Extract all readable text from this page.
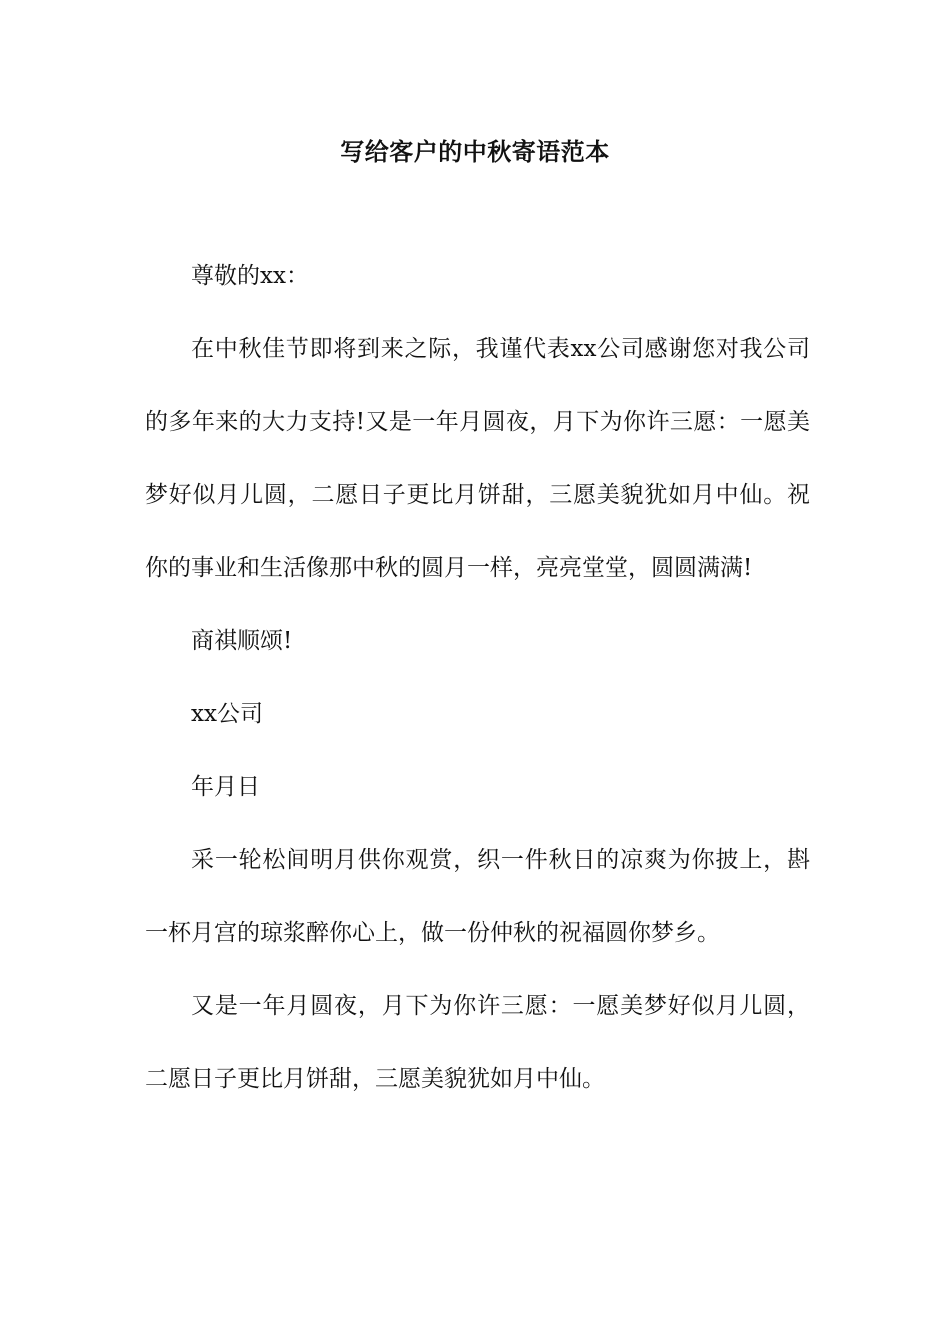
写给客户的中秋寄语范本

尊敬的xx：

在中秋佳节即将到来之际，我谨代表xx公司感谢您对我公司的多年来的大力支持!又是一年月圆夜，月下为你许三愿：一愿美梦好似月儿圆，二愿日子更比月饼甜，三愿美貌犹如月中仙。祝你的事业和生活像那中秋的圆月一样，亮亮堂堂，圆圆满满!

商祺顺颂!

xx公司

年月日

采一轮松间明月供你观赏，织一件秋日的凉爽为你披上，斟一杯月宫的琼浆醉你心上，做一份仲秋的祝福圆你梦乡。

又是一年月圆夜，月下为你许三愿：一愿美梦好似月儿圆，二愿日子更比月饼甜，三愿美貌犹如月中仙。
